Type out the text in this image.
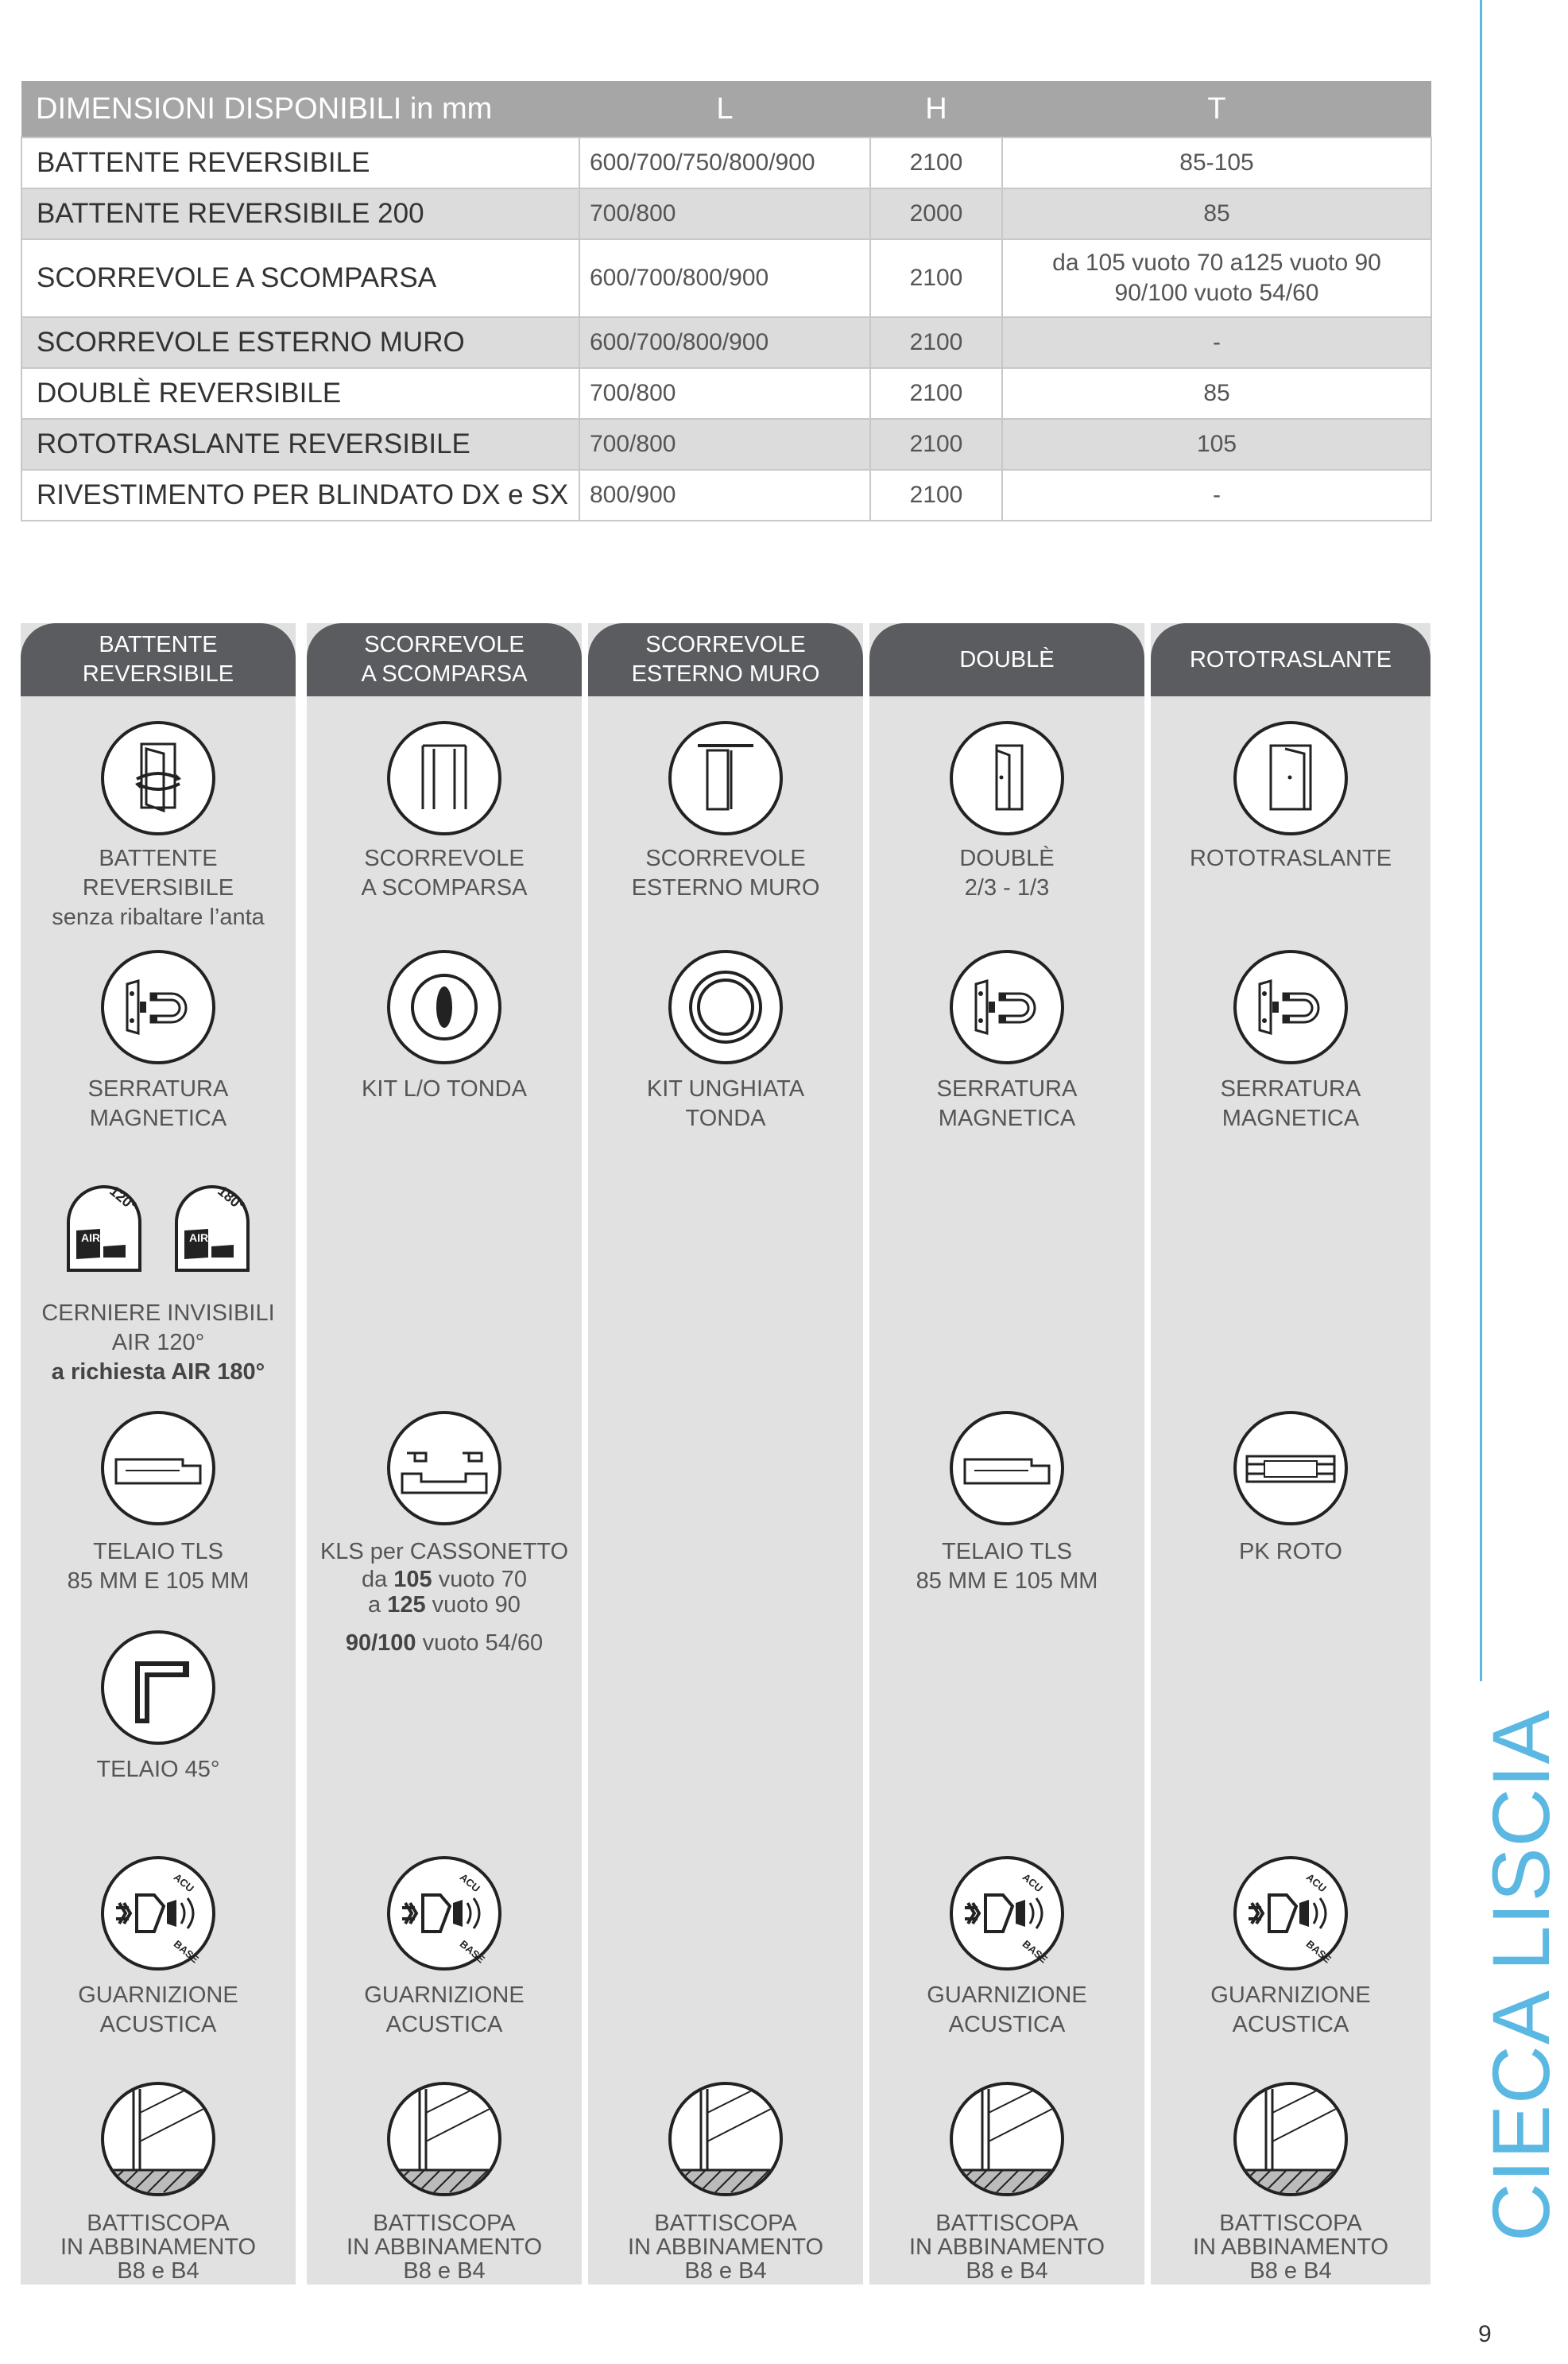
DIMENSIONI DISPONIBILI in mm	L	H	T
BATTENTE REVERSIBILE	600/700/750/800/900	2100	85-105
BATTENTE REVERSIBILE 200	700/800	2000	85
SCORREVOLE A SCOMPARSA	600/700/800/900	2100	da 105 vuoto 70 a125 vuoto 90
90/100 vuoto 54/60

SCORREVOLE ESTERNO MURO	600/700/800/900	2100	-
DOUBLÈ REVERSIBILE	700/800	2100	85
ROTOTRASLANTE REVERSIBILE	700/800	2100	105
RIVESTIMENTO PER BLINDATO DX e SX	800/900	2100	-
BATTENTE
REVERSIBILE
BATTENTE REVERSIBILE
senza ribaltare l’anta
SERRATURA
MAGNETICA
AIR
120°
AIR
180°
CERNIERE INVISIBILI
AIR 120°
a richiesta AIR 180°
TELAIO TLS
85 MM E 105 MM
TELAIO 45°
ACU
BASE
GUARNIZIONE
ACUSTICA
BATTISCOPA
IN ABBINAMENTO
B8 e B4
SCORREVOLE
A SCOMPARSA
SCORREVOLE
A SCOMPARSA
KIT L/O TONDA
KLS per CASSONETTO
da 105 vuoto 70
a 125 vuoto 90
90/100 vuoto 54/60
ACU
BASE
GUARNIZIONE
ACUSTICA
BATTISCOPA
IN ABBINAMENTO
B8 e B4
SCORREVOLE
ESTERNO MURO
SCORREVOLE
ESTERNO MURO
KIT UNGHIATA
TONDA
BATTISCOPA
IN ABBINAMENTO
B8 e B4
DOUBLÈ
DOUBLÈ
2/3 - 1/3
SERRATURA
MAGNETICA
TELAIO TLS
85 MM E 105 MM
ACU
BASE
GUARNIZIONE
ACUSTICA
BATTISCOPA
IN ABBINAMENTO
B8 e B4
ROTOTRASLANTE
ROTOTRASLANTE
SERRATURA
MAGNETICA
PK ROTO
ACU
BASE
GUARNIZIONE
ACUSTICA
BATTISCOPA
IN ABBINAMENTO
B8 e B4
CIECA LISCIA
9
